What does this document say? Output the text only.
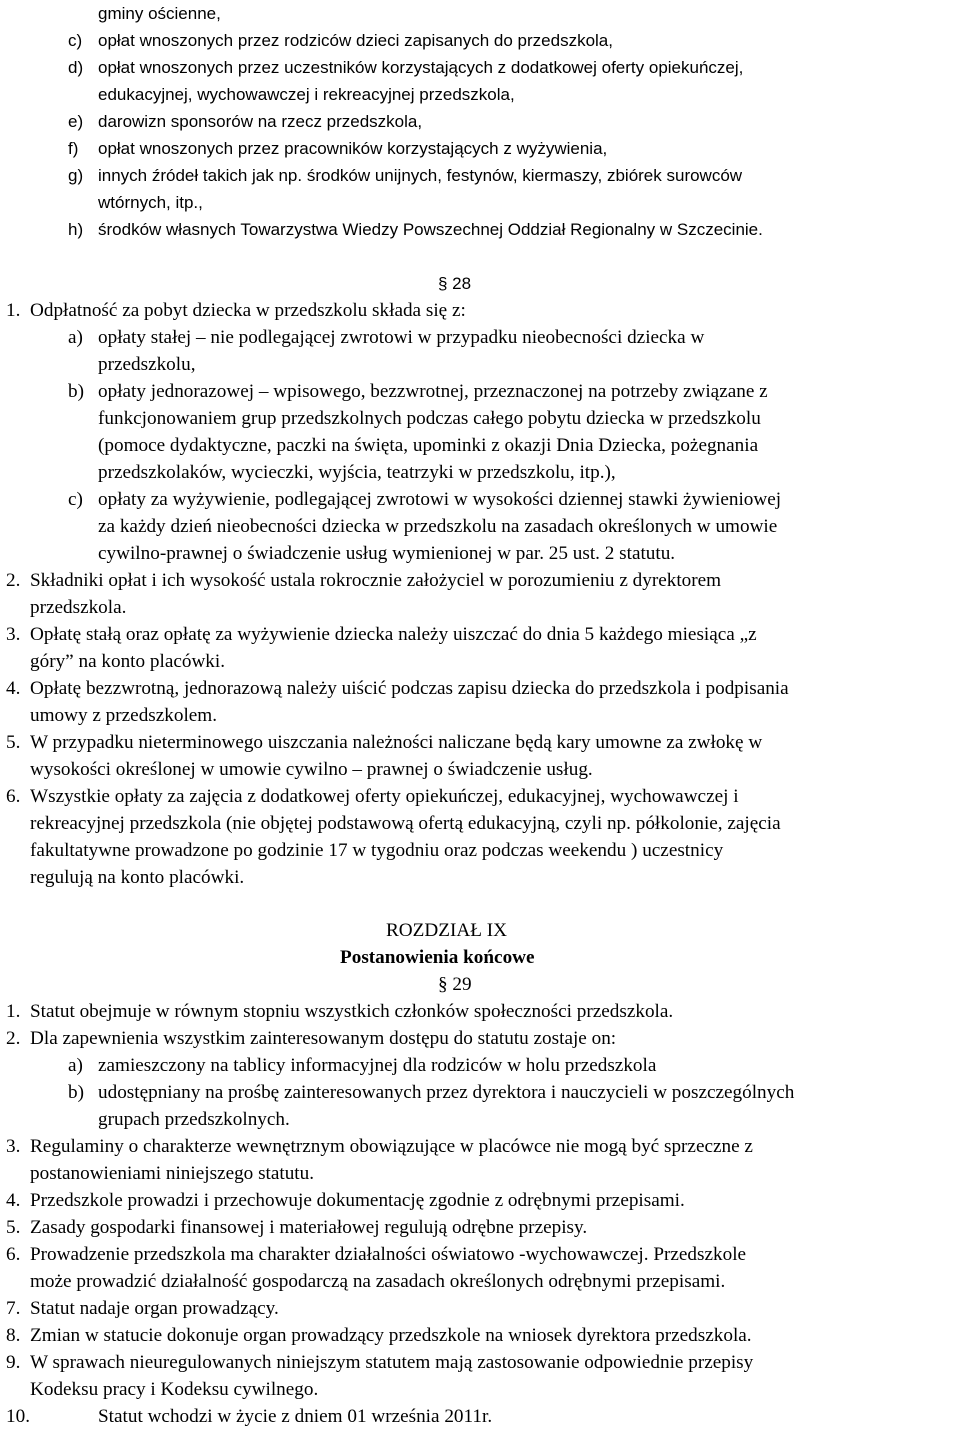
gminy ościenne,
c) opłat wnoszonych przez rodziców dzieci zapisanych do przedszkola,
d) opłat wnoszonych przez uczestników korzystających z dodatkowej oferty opiekuńczej,
edukacyjnej, wychowawczej i rekreacyjnej przedszkola,
e) darowizn sponsorów na rzecz przedszkola,
f) opłat wnoszonych przez pracowników korzystających z wyżywienia,
g) innych źródeł takich jak np. środków unijnych, festynów, kiermaszy, zbiórek surowców
wtórnych, itp.,
h) środków własnych Towarzystwa Wiedzy Powszechnej Oddział Regionalny w Szczecinie.
§ 28
1. Odpłatność za pobyt dziecka w przedszkolu składa się z:
a) opłaty stałej – nie podlegającej zwrotowi w przypadku nieobecności dziecka w
przedszkolu,
b) opłaty jednorazowej – wpisowego, bezzwrotnej, przeznaczonej na potrzeby związane z
funkcjonowaniem grup przedszkolnych podczas całego pobytu dziecka w przedszkolu
(pomoce dydaktyczne, paczki na święta, upominki z okazji Dnia Dziecka, pożegnania
przedszkolaków, wycieczki, wyjścia, teatrzyki w przedszkolu, itp.),
c) opłaty za wyżywienie, podlegającej zwrotowi w wysokości dziennej stawki żywieniowej
za każdy dzień nieobecności dziecka w przedszkolu na zasadach określonych w umowie
cywilno-prawnej o świadczenie usług wymienionej w par. 25 ust. 2 statutu.
2. Składniki opłat i ich wysokość ustala rokrocznie założyciel w porozumieniu z dyrektorem
przedszkola.
3. Opłatę stałą oraz opłatę za wyżywienie dziecka należy uiszczać do dnia 5 każdego miesiąca „z
góry” na konto placówki.
4. Opłatę bezzwrotną, jednorazową należy uiścić podczas zapisu dziecka do przedszkola i podpisania
umowy z przedszkolem.
5. W przypadku nieterminowego uiszczania należności naliczane będą kary umowne za zwłokę w
wysokości określonej w umowie cywilno – prawnej o świadczenie usług.
6. Wszystkie opłaty za zajęcia z dodatkowej oferty opiekuńczej, edukacyjnej, wychowawczej i
rekreacyjnej przedszkola (nie objętej podstawową ofertą edukacyjną, czyli np. półkolonie, zajęcia
fakultatywne prowadzone po godzinie 17 w tygodniu oraz podczas weekendu ) uczestnicy
regulują na konto placówki.
ROZDZIAŁ IX
Postanowienia końcowe
§ 29
1. Statut obejmuje w równym stopniu wszystkich członków społeczności przedszkola.
2. Dla zapewnienia wszystkim zainteresowanym dostępu do statutu zostaje on:
a) zamieszczony na tablicy informacyjnej dla rodziców w holu przedszkola
b) udostępniany na prośbę zainteresowanych przez dyrektora i nauczycieli w poszczególnych
grupach przedszkolnych.
3. Regulaminy o charakterze wewnętrznym obowiązujące w placówce nie mogą być sprzeczne z
postanowieniami niniejszego statutu.
4. Przedszkole prowadzi i przechowuje dokumentację zgodnie z odrębnymi przepisami.
5. Zasady gospodarki finansowej i materiałowej regulują odrębne przepisy.
6. Prowadzenie przedszkola ma charakter działalności oświatowo -wychowawczej. Przedszkole
może prowadzić działalność gospodarczą na zasadach określonych odrębnymi przepisami.
7. Statut nadaje organ prowadzący.
8. Zmian w statucie dokonuje organ prowadzący przedszkole na wniosek dyrektora przedszkola.
9. W sprawach nieuregulowanych niniejszym statutem mają zastosowanie odpowiednie przepisy
Kodeksu pracy i Kodeksu cywilnego.
10.	Statut wchodzi w życie z dniem 01 września 2011r.
